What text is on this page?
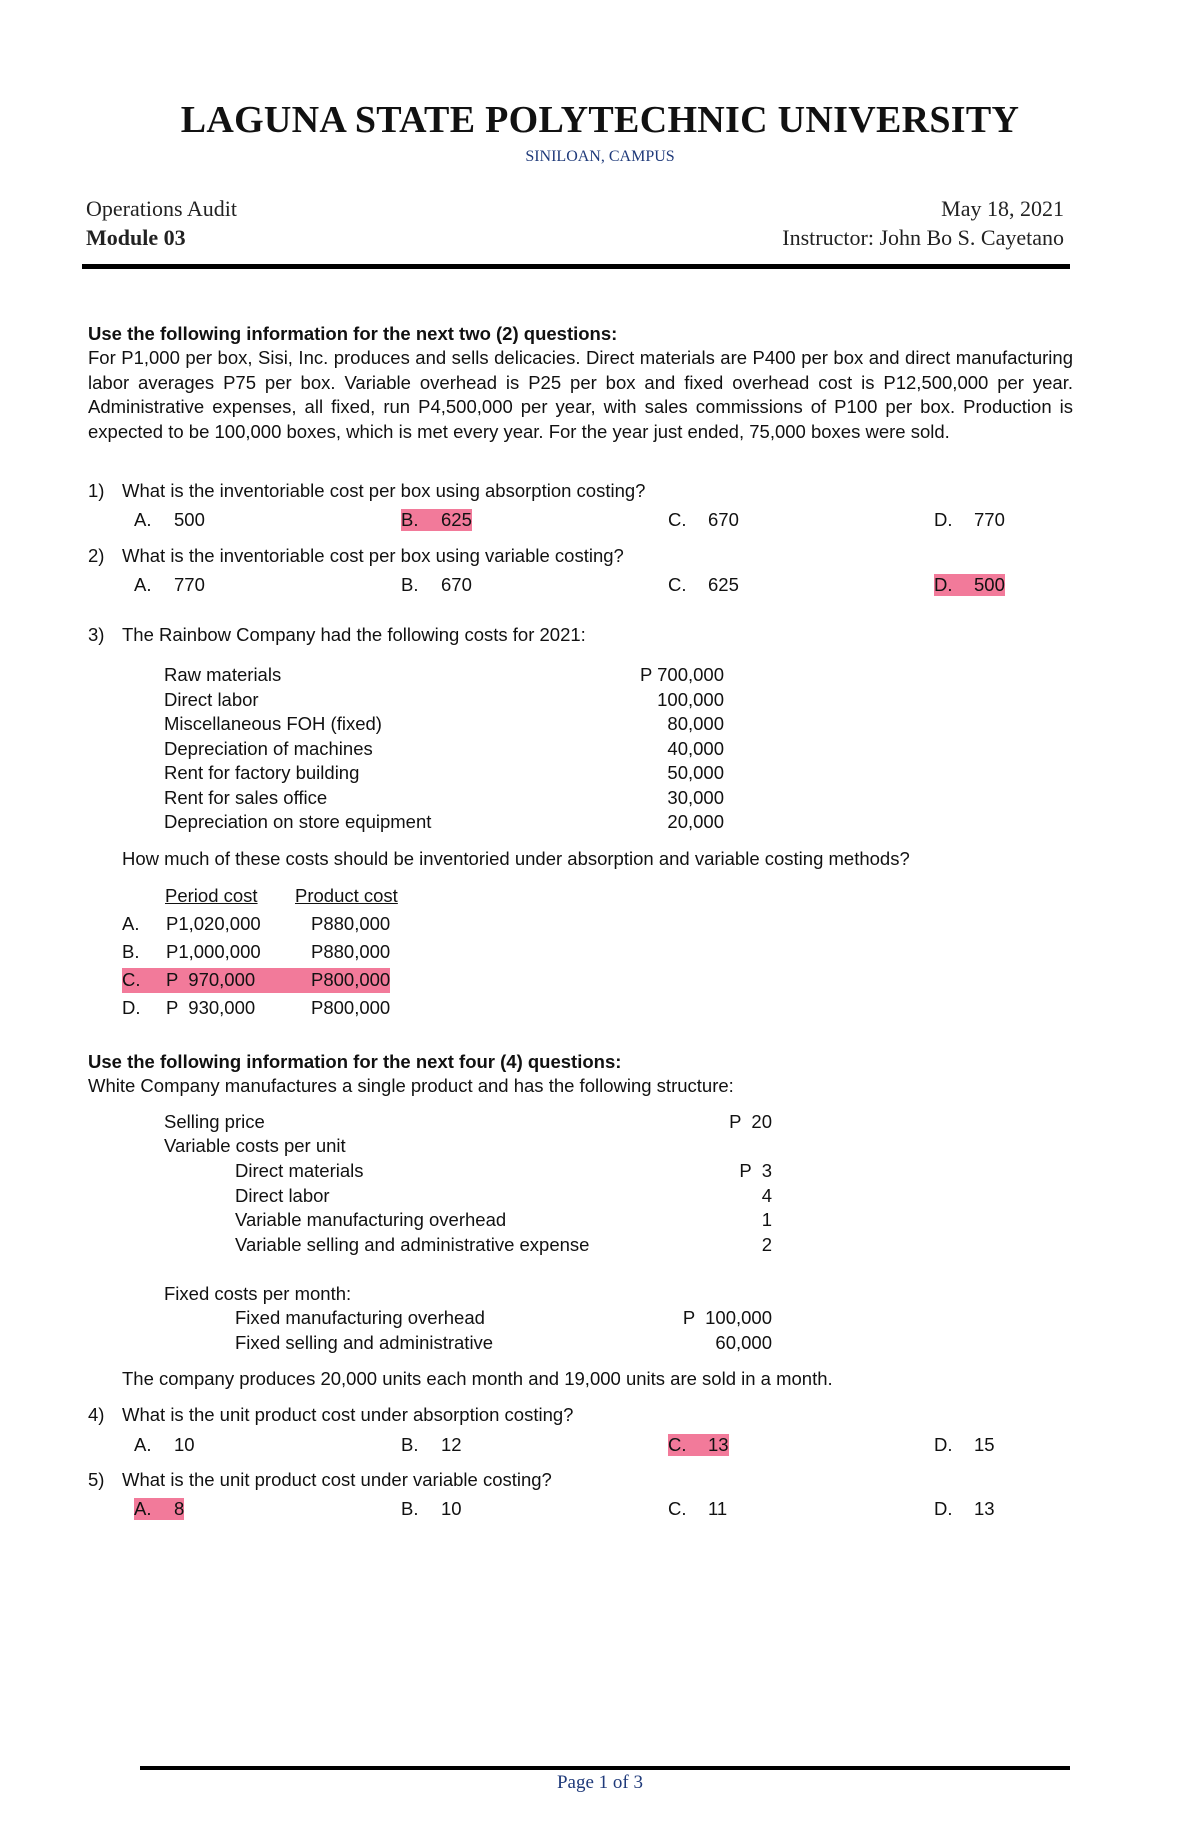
LAGUNA STATE POLYTECHNIC UNIVERSITY
SINILOAN, CAMPUS
Operations Audit
Module 03
May 18, 2021
Instructor: John Bo S. Cayetano
Use the following information for the next two (2) questions:
For P1,000 per box, Sisi, Inc. produces and sells delicacies. Direct materials are P400 per box and direct manufacturing labor averages P75 per box. Variable overhead is P25 per box and fixed overhead cost is P12,500,000 per year. Administrative expenses, all fixed, run P4,500,000 per year, with sales commissions of P100 per box. Production is expected to be 100,000 boxes, which is met every year. For the year just ended, 75,000 boxes were sold.
1) What is the inventoriable cost per box using absorption costing?
A.	500	B.	625	C.	670	D.	770
2) What is the inventoriable cost per box using variable costing?
A.	770	B.	670	C.	625	D.	500
3) The Rainbow Company had the following costs for 2021:
Raw materials	P 700,000
Direct labor	100,000
Miscellaneous FOH (fixed)	80,000
Depreciation of machines	40,000
Rent for factory building	50,000
Rent for sales office	30,000
Depreciation on store equipment	20,000
How much of these costs should be inventoried under absorption and variable costing methods?
Period cost Product cost
A.	P1,020,000	P880,000
B.	P1,000,000	P880,000
C.	P  970,000	P800,000
D.	P  930,000	P800,000
Use the following information for the next four (4) questions:
White Company manufactures a single product and has the following structure:
Selling price	P  20
Variable costs per unit
Direct materials	P  3
Direct labor	4
Variable manufacturing overhead	1
Variable selling and administrative expense	2
Fixed costs per month:
Fixed manufacturing overhead	P  100,000
Fixed selling and administrative	60,000
The company produces 20,000 units each month and 19,000 units are sold in a month.
4) What is the unit product cost under absorption costing?
A.	10	B.	12	C.	13	D.	15
5) What is the unit product cost under variable costing?
A.	8	B.	10	C.	11	D.	13
Page 1 of 3
